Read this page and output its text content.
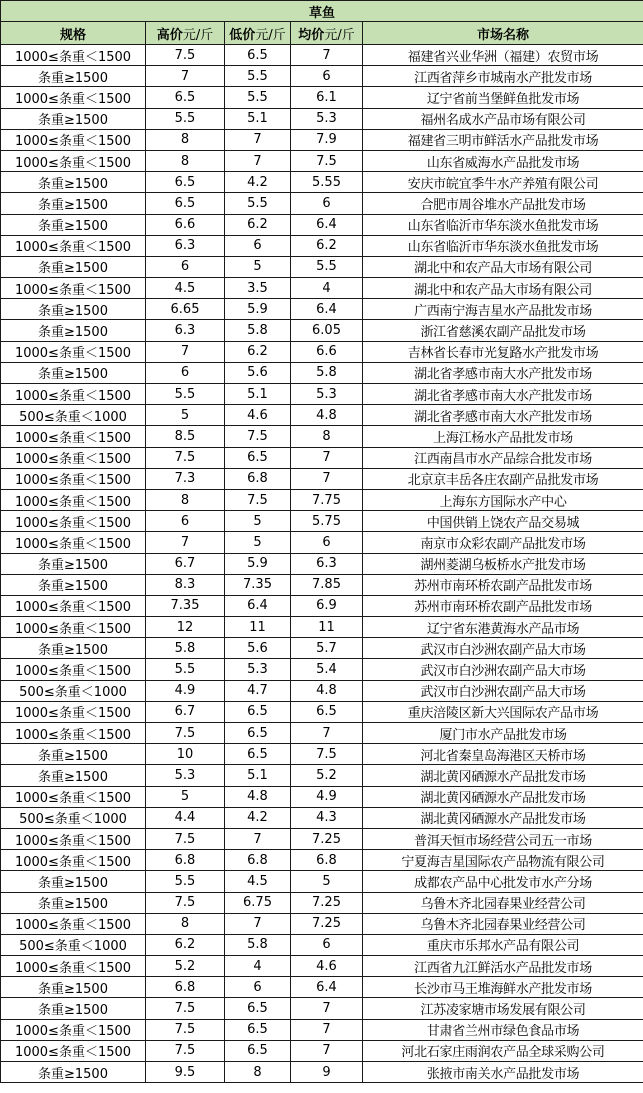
草鱼				
规格	高价元/斤	低价元/斤	均价元/斤	市场名称
1000≤条重＜1500	7.5	6.5	7	福建省兴业华洲（福建）农贸市场
条重≥1500	7	5.5	6	江西省萍乡市城南水产批发市场
1000≤条重＜1500	6.5	5.5	6.1	辽宁省前当堡鲜鱼批发市场
条重≥1500	5.5	5.1	5.3	福州名成水产品市场有限公司
1000≤条重＜1500	8	7	7.9	福建省三明市鲜活水产品批发市场
1000≤条重＜1500	8	7	7.5	山东省威海水产品批发市场
条重≥1500	6.5	4.2	5.55	安庆市皖宜季牛水产养殖有限公司
条重≥1500	6.5	5.5	6	合肥市周谷堆水产品批发市场
条重≥1500	6.6	6.2	6.4	山东省临沂市华东淡水鱼批发市场
1000≤条重＜1500	6.3	6	6.2	山东省临沂市华东淡水鱼批发市场
条重≥1500	6	5	5.5	湖北中和农产品大市场有限公司
1000≤条重＜1500	4.5	3.5	4	湖北中和农产品大市场有限公司
条重≥1500	6.65	5.9	6.4	广西南宁海吉星水产品批发市场
条重≥1500	6.3	5.8	6.05	浙江省慈溪农副产品批发市场
1000≤条重＜1500	7	6.2	6.6	吉林省长春市光复路水产批发市场
条重≥1500	6	5.6	5.8	湖北省孝感市南大水产批发市场
1000≤条重＜1500	5.5	5.1	5.3	湖北省孝感市南大水产批发市场
500≤条重＜1000	5	4.6	4.8	湖北省孝感市南大水产批发市场
1000≤条重＜1500	8.5	7.5	8	上海江杨水产品批发市场
1000≤条重＜1500	7.5	6.5	7	江西南昌市水产品综合批发市场
1000≤条重＜1500	7.3	6.8	7	北京京丰岳各庄农副产品批发市场
1000≤条重＜1500	8	7.5	7.75	上海东方国际水产中心
1000≤条重＜1500	6	5	5.75	中国供销上饶农产品交易城
1000≤条重＜1500	7	5	6	南京市众彩农副产品批发市场
条重≥1500	6.7	5.9	6.3	湖州菱湖乌板桥水产批发市场
条重≥1500	8.3	7.35	7.85	苏州市南环桥农副产品批发市场
1000≤条重＜1500	7.35	6.4	6.9	苏州市南环桥农副产品批发市场
1000≤条重＜1500	12	11	11	辽宁省东港黄海水产品市场
条重≥1500	5.8	5.6	5.7	武汉市白沙洲农副产品大市场
1000≤条重＜1500	5.5	5.3	5.4	武汉市白沙洲农副产品大市场
500≤条重＜1000	4.9	4.7	4.8	武汉市白沙洲农副产品大市场
1000≤条重＜1500	6.7	6.5	6.5	重庆涪陵区新大兴国际农产品市场
1000≤条重＜1500	7.5	6.5	7	厦门市水产品批发市场
条重≥1500	10	6.5	7.5	河北省秦皇岛海港区天桥市场
条重≥1500	5.3	5.1	5.2	湖北黄冈硒源水产品批发市场
1000≤条重＜1500	5	4.8	4.9	湖北黄冈硒源水产品批发市场
500≤条重＜1000	4.4	4.2	4.3	湖北黄冈硒源水产品批发市场
1000≤条重＜1500	7.5	7	7.25	普洱天恒市场经营公司五一市场
1000≤条重＜1500	6.8	6.8	6.8	宁夏海吉星国际农产品物流有限公司
条重≥1500	5.5	4.5	5	成都农产品中心批发市水产分场
条重≥1500	7.5	6.75	7.25	乌鲁木齐北园春果业经营公司
1000≤条重＜1500	8	7	7.25	乌鲁木齐北园春果业经营公司
500≤条重＜1000	6.2	5.8	6	重庆市乐邦水产品有限公司
1000≤条重＜1500	5.2	4	4.6	江西省九江鲜活水产品批发市场
条重≥1500	6.8	6	6.4	长沙市马王堆海鲜水产批发市场
条重≥1500	7.5	6.5	7	江苏凌家塘市场发展有限公司
1000≤条重＜1500	7.5	6.5	7	甘肃省兰州市绿色食品市场
1000≤条重＜1500	7.5	6.5	7	河北石家庄雨润农产品全球采购公司
条重≥1500	9.5	8	9	张掖市南关水产品批发市场
